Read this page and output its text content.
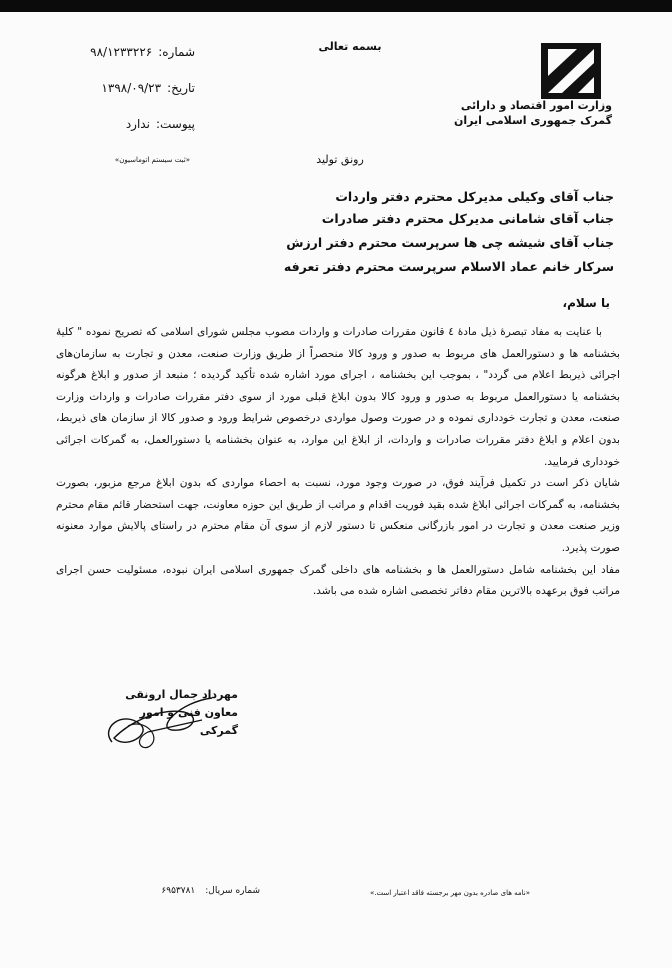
وزارت امور اقتصاد و دارائی
گمرک جمهوری اسلامی ایران
بسمه تعالی
شماره:۹۸/۱۲۳۳۲۲۶
تاریخ:۱۳۹۸/۰۹/۲۳
پیوست:ندارد
«ثبت سیستم اتوماسیون»	رونق تولید
جناب آقای وکیلی مدیرکل محترم دفتر واردات
جناب آقای شامانی مدیرکل محترم دفتر صادرات
جناب آقای شیشه چی ها سرپرست محترم دفتر ارزش
سرکار خانم عماد الاسلام سرپرست محترم دفتر تعرفه
با سلام،

با عنایت به مفاد تبصرهٔ ذیل مادهٔ ٤ قانون مقررات صادرات و واردات مصوب مجلس شورای اسلامی که تصریح نموده " کلیهٔ بخشنامه ها و دستورالعمل های مربوط به صدور و ورود کالا منحصراً از طریق وزارت صنعت، معدن و تجارت به سازمان‌های اجرائی ذیربط اعلام می گردد" ، بموجب این بخشنامه ، اجرای مورد اشاره شده تأکید گردیده ؛ منبعد از صدور و ابلاغ هرگونه بخشنامه یا دستورالعمل مربوط به صدور و ورود کالا بدون ابلاغ قبلی مورد از سوی دفتر مقررات صادرات و واردات وزارت صنعت، معدن و تجارت خودداری نموده و در صورت وصول مواردی درخصوص شرایط ورود و صدور کالا از سازمان های ذیربط، بدون اعلام و ابلاغ دفتر مقررات صادرات و واردات، از ابلاغ این موارد، به عنوان بخشنامه یا دستورالعمل، به گمرکات اجرائی خودداری فرمایید.

شایان ذکر است در تکمیل فرآیند فوق، در صورت وجود مورد، نسبت به احصاء مواردی که بدون ابلاغ مرجع مزبور، بصورت بخشنامه، به گمرکات اجرائی ابلاغ شده بقید فوریت اقدام و مراتب از طریق این حوزه معاونت، جهت استحضار قائم مقام محترم وزیر صنعت معدن و تجارت در امور بازرگانی منعکس تا دستور لازم از سوی آن مقام محترم در راستای پالایش موارد معنونه صورت پذیرد.

مفاد این بخشنامه شامل دستورالعمل ها و بخشنامه های داخلی گمرک جمهوری اسلامی ایران نبوده، مسئولیت حسن اجرای مراتب فوق برعهده بالاترین مقام دفاتر تخصصی اشاره شده می باشد.

مهرداد جمال ارونقی
معاون فنی و امور گمرکی
«نامه های صادره بدون مهر برجسته فاقد اعتبار است.»
شماره سریال:۶۹۵۳۷۸۱
